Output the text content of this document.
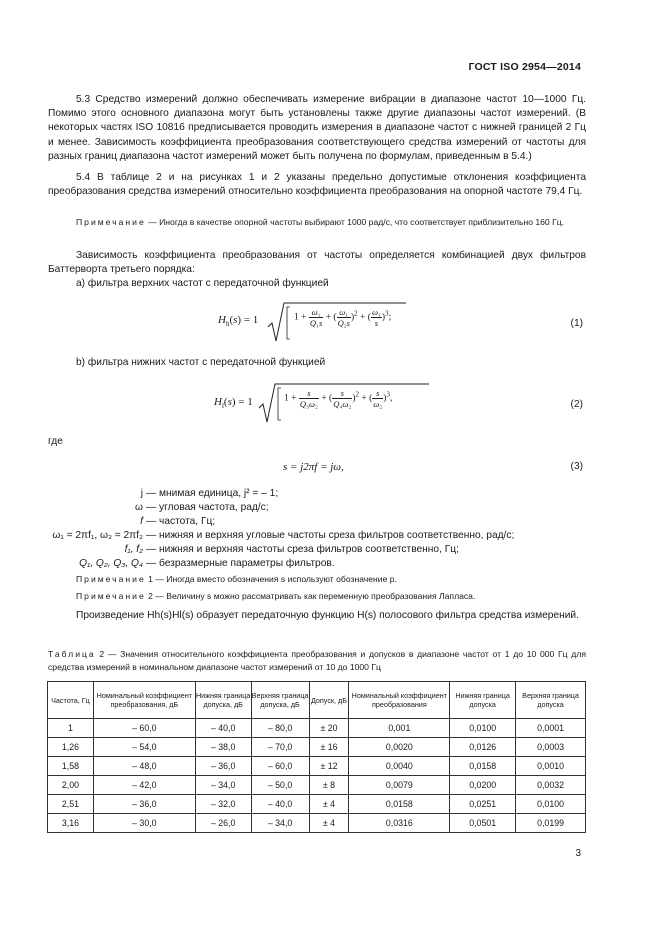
ГОСТ ISO 2954—2014

5.3 Средство измерений должно обеспечивать измерение вибрации в диапазоне частот 10—1000 Гц. Помимо этого основного диапазона могут быть установлены также другие диапазоны частот измерений. (В некоторых частях ISO 10816 предписывается проводить измерения в диапазоне частот с нижней границей 2 Гц и менее. Зависимость коэффициента преобразования соответствующего средства измерений от частоты для разных границ диапазона частот измерений может быть получена по формулам, приведенным в 5.4.)

5.4 В таблице 2 и на рисунках 1 и 2 указаны предельно допустимые отклонения коэффициента преобразования средства измерений относительно коэффициента преобразования на опорной частоте 79,4 Гц.

Примечание — Иногда в качестве опорной частоты выбирают 1000 рад/с, что соответствует приблизительно 160 Гц.

Зависимость коэффициента преобразования от частоты определяется комбинацией двух фильтров Баттерворта третьего порядка:

а) фильтра верхних частот с передаточной функцией

$H_h(s) = 1$	$1 + \frac{\text{ω₁}}{\text{Q₁s}}$ + ( $\frac{\text{ω₁}}{\text{Q₂s}} )^2$ + ( $\frac{\text{ω₁}}{s} )^3$;
(1)

b) фильтра нижних частот с передаточной функцией

$H_l(s) = 1$	$1 + \frac{s}{\text{Q₃ω₂}}$ + ( $\frac{s}{\text{Q₄ω₂}} )^2$ + ( $\frac{s}{\text{ω₂}} )^3$,
(2)
где
s = j2πf = jω,	(3)
j — мнимая единица, j² = – 1;
ω — угловая частота, рад/с;
f — частота, Гц;
ω₁ = 2πf₁, ω₂ = 2πf₂ — нижняя и верхняя угловые частоты среза фильтров соответственно, рад/с;
f₁, f₂ — нижняя и верхняя частоты среза фильтров соответственно, Гц;
Q₁, Q₂, Q₃, Q₄ — безразмерные параметры фильтров.

Примечание 1 — Иногда вместо обозначения s используют обозначение p.

Примечание 2 — Величину s можно рассматривать как переменную преобразования Лапласа.

Произведение Hh(s)Hl(s) образует передаточную функцию H(s) полосового фильтра средства измерений.

Таблица 2 — Значения относительного коэффициента преобразования и допусков в диапазоне частот от 1 до 10 000 Гц для средства измерений в номинальном диапазоне частот измерений от 10 до 1000 Гц

Частота, Гц	Номинальный коэффициент преобразования, дБ	Нижняя граница допуска, дБ	Верхняя граница допуска, дБ	Допуск, дБ	Номинальный коэффициент преобразования	Нижняя граница допуска	Верхняя граница допуска
1	– 60,0	– 40,0	– 80,0	± 20	0,001	0,0100	0,0001
1,26	– 54,0	– 38,0	– 70,0	± 16	0,0020	0,0126	0,0003
1,58	– 48,0	– 36,0	– 60,0	± 12	0,0040	0,0158	0,0010
2,00	– 42,0	– 34,0	– 50,0	± 8	0,0079	0,0200	0,0032
2,51	– 36,0	– 32,0	– 40,0	± 4	0,0158	0,0251	0,0100
3,16	– 30,0	– 26,0	– 34,0	± 4	0,0316	0,0501	0,0199
3
